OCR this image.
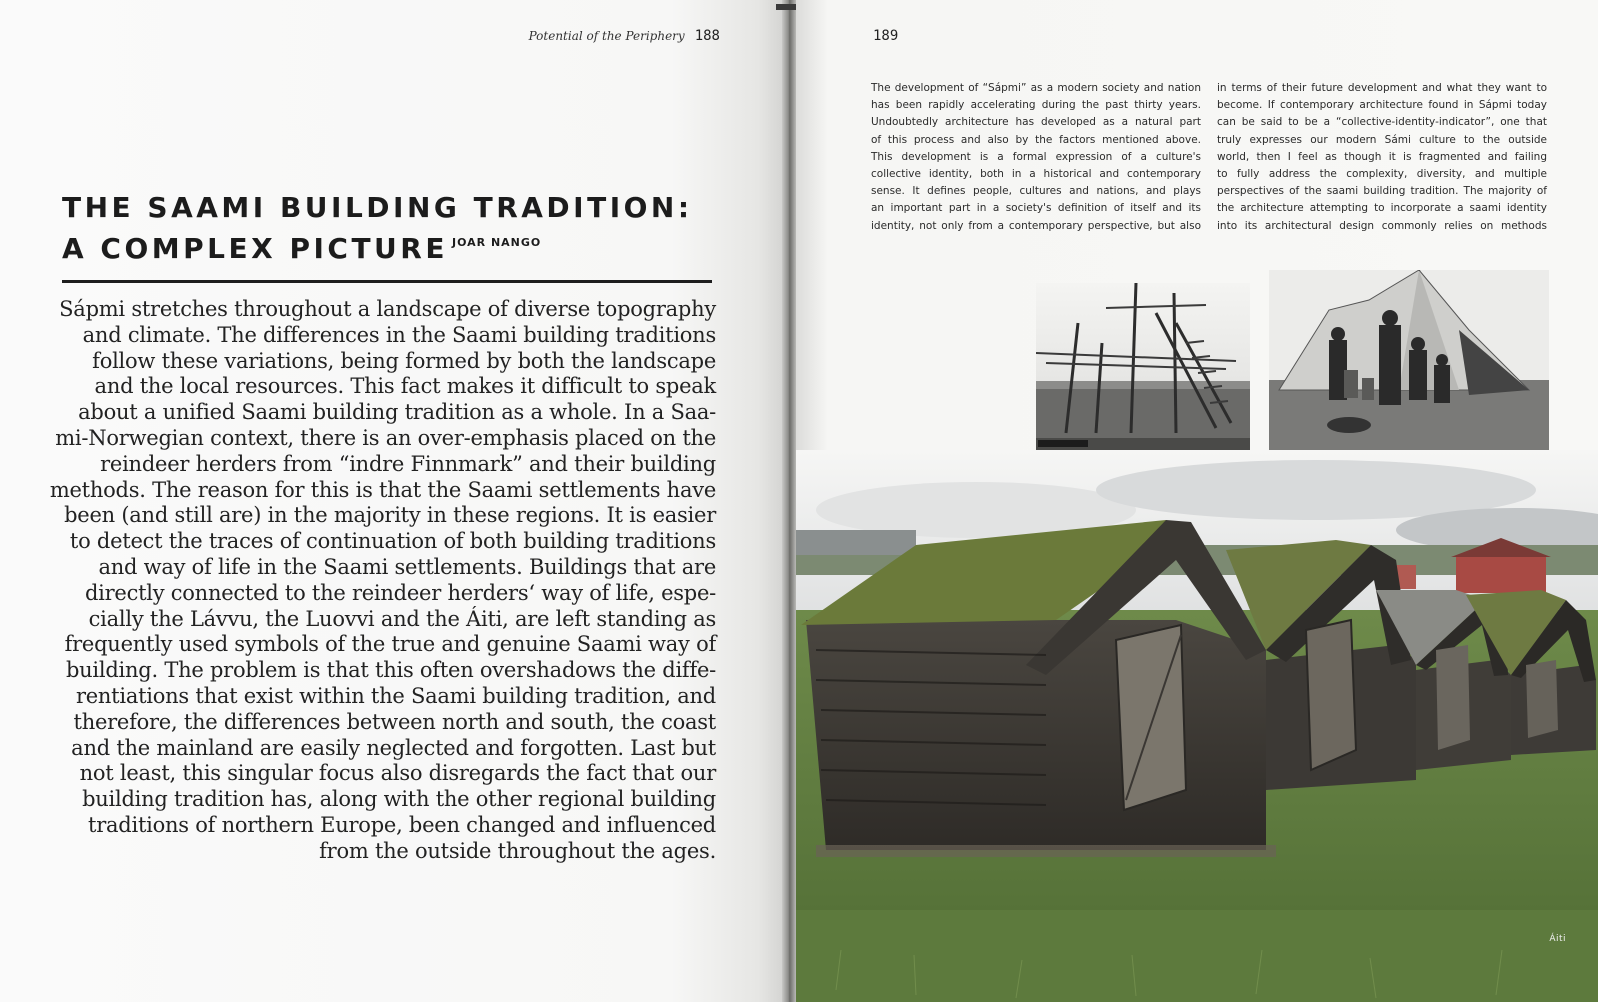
Potential of the Periphery 188
THE SAAMI BUILDING TRADITION:
A COMPLEX PICTURE $^{JOAR NANGO}$
Sápmi stretches throughout a landscape of diverse topography
and climate. The differences in the Saami building traditions
follow these variations, being formed by both the landscape
and the local resources. This fact makes it difficult to speak
about a unified Saami building tradition as a whole. In a Saa-
mi-Norwegian context, there is an over-emphasis placed on the
reindeer herders from “indre Finnmark” and their building
methods. The reason for this is that the Saami settlements have
been (and still are) in the majority in these regions. It is easier
to detect the traces of continuation of both building traditions
and way of life in the Saami settlements. Buildings that are
directly connected to the reindeer herders‘ way of life, espe-
cially the Lávvu, the Luovvi and the Áiti, are left standing as
frequently used symbols of the true and genuine Saami way of
building. The problem is that this often overshadows the diffe-
rentiations that exist within the Saami building tradition, and
therefore, the differences between north and south, the coast
and the mainland are easily neglected and forgotten. Last but
not least, this singular focus also disregards the fact that our
building tradition has, along with the other regional building
traditions of northern Europe, been changed and influenced
from the outside throughout the ages.
189
The development of “Sápmi” as a modern society and nation
has been rapidly accelerating during the past thirty years.
Undoubtedly architecture has developed as a natural part
of this process and also by the factors mentioned above.
This development is a formal expression of a culture's
collective identity, both in a historical and contemporary
sense. It defines people, cultures and nations, and plays
an important part in a society's definition of itself and its
identity, not only from a contemporary perspective, but also
in terms of their future development and what they want to
become. If contemporary architecture found in Sápmi today
can be said to be a “collective-identity-indicator”, one that
truly expresses our modern Sámi culture to the outside
world, then I feel as though it is fragmented and failing
to fully address the complexity, diversity, and multiple
perspectives of the saami building tradition. The majority of
the architecture attempting to incorporate a saami identity
into its architectural design commonly relies on methods
Áiti
